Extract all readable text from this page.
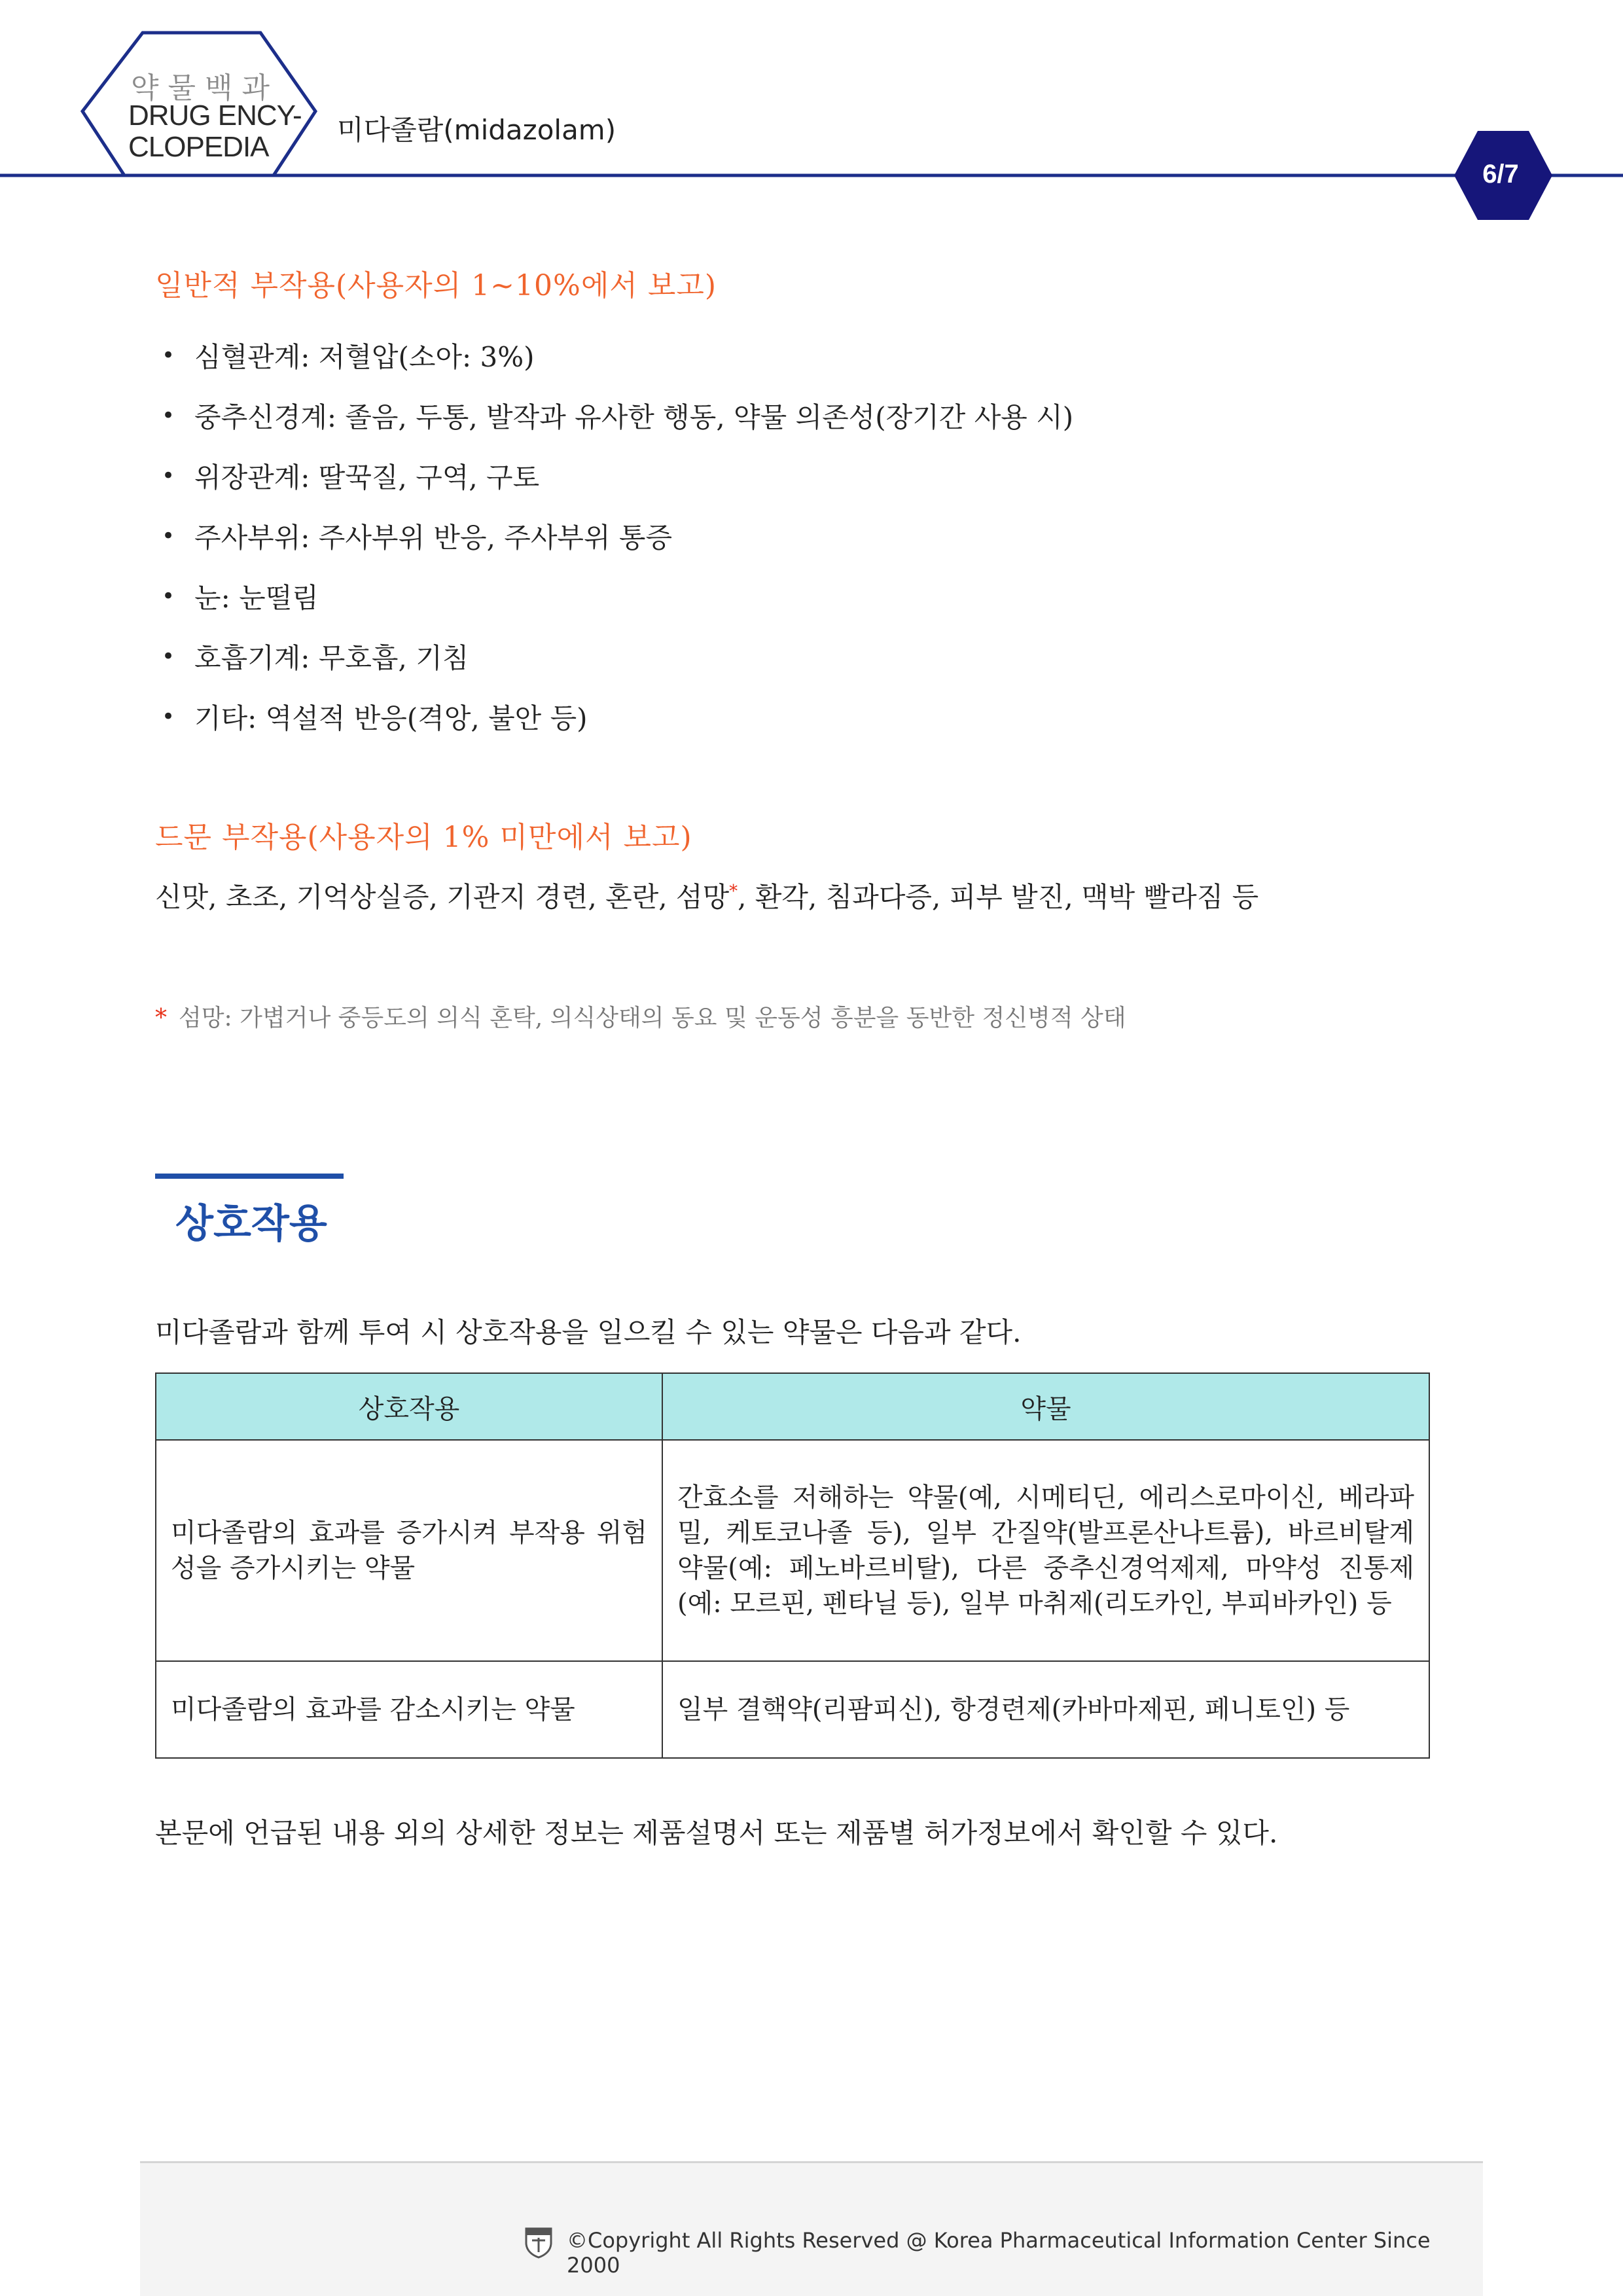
약물백과
DRUG ENCY-
CLOPEDIA
미다졸람(midazolam)
6/7
일반적 부작용(사용자의 1~10%에서 보고)
• 심혈관계: 저혈압(소아: 3%)
• 중추신경계: 졸음, 두통, 발작과 유사한 행동, 약물 의존성(장기간 사용 시)
• 위장관계: 딸꾹질, 구역, 구토
• 주사부위: 주사부위 반응, 주사부위 통증
• 눈: 눈떨림
• 호흡기계: 무호흡, 기침
• 기타: 역설적 반응(격앙, 불안 등)
드문 부작용(사용자의 1% 미만에서 보고)
신맛, 초조, 기억상실증, 기관지 경련, 혼란, 섬망*, 환각, 침과다증, 피부 발진, 맥박 빨라짐 등
* 섬망: 가볍거나 중등도의 의식 혼탁, 의식상태의 동요 및 운동성 흥분을 동반한 정신병적 상태
상호작용
미다졸람과 함께 투여 시 상호작용을 일으킬 수 있는 약물은 다음과 같다.
상호작용	약물
미다졸람의 효과를 증가시켜 부작용 위험성을 증가시키는 약물	간효소를 저해하는 약물(예, 시메티딘, 에리스로마이신, 베라파밀, 케토코나졸 등), 일부 간질약(발프론산나트륨), 바르비탈계 약물(예: 페노바르비탈), 다른 중추신경억제제, 마약성 진통제(예: 모르핀, 펜타닐 등), 일부 마취제(리도카인, 부피바카인) 등
미다졸람의 효과를 감소시키는 약물	일부 결핵약(리팜피신), 항경련제(카바마제핀, 페니토인) 등
본문에 언급된 내용 외의 상세한 정보는 제품설명서 또는 제품별 허가정보에서 확인할 수 있다.
©Copyright All Rights Reserved @ Korea Pharmaceutical Information Center Since 2000
